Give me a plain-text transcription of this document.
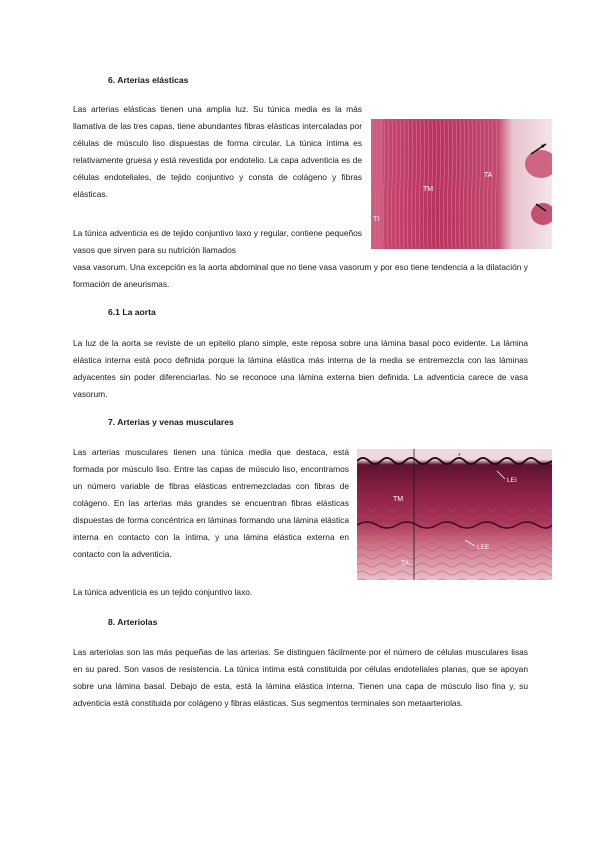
6. Arterias elásticas
Las arterias elásticas tienen una amplia luz. Su túnica media es la más llamativa de las tres capas, tiene abundantes fibras elásticas intercaladas por células de músculo liso dispuestas de forma circular. La túnica íntima es relativamente gruesa y está revestida por endotelio. La capa adventicia es de células endoteliales, de tejido conjuntivo y consta de colágeno y fibras elásticas.
La túnica adventicia es de tejido conjuntivo laxo y regular, contiene pequeños vasos que sirven para su nutrición llamados
vasa vasorum. Una excepción es la aorta abdominal que no tiene vasa vasorum y por eso tiene tendencia a la dilatación y formación de aneurismas.
TM
TA
TI
6.1 La aorta
La luz de la aorta se reviste de un epitelio plano simple, este reposa sobre una lámina basal poco evidente. La lámina elástica interna está poco definida porque la lámina elástica más interna de la media se entremezcla con las láminas adyacentes sin poder diferenciarlas. No se reconoce una lámina externa bien definida. La adventicia carece de vasa vasorum.
7. Arterias y venas musculares
Las arterias musculares tienen una túnica media que destaca, está formada por músculo liso. Entre las capas de músculo liso, encontramos un número variable de fibras elásticas entremezcladas con fibras de colágeno. En las arterias más grandes se encuentran fibras elásticas dispuestas de forma concéntrica en láminas formando una lámina elástica interna en contacto con la íntima, y una lámina elástica externa en contacto con la adventicia.
La túnica adventicia es un tejido conjuntivo laxo.
*
LEI
TM
LEE
TA
8. Arteriolas
Las arteriolas son las más pequeñas de las arterias. Se distinguen fácilmente por el número de células musculares lisas en su pared. Son vasos de resistencia. La túnica íntima está constituida por células endoteliales planas, que se apoyan sobre una lámina basal. Debajo de esta, está la lámina elástica interna. Tienen una capa de músculo liso fina y, su adventicia está constituida por colágeno y fibras elásticas. Sus segmentos terminales son metaarteriolas.
